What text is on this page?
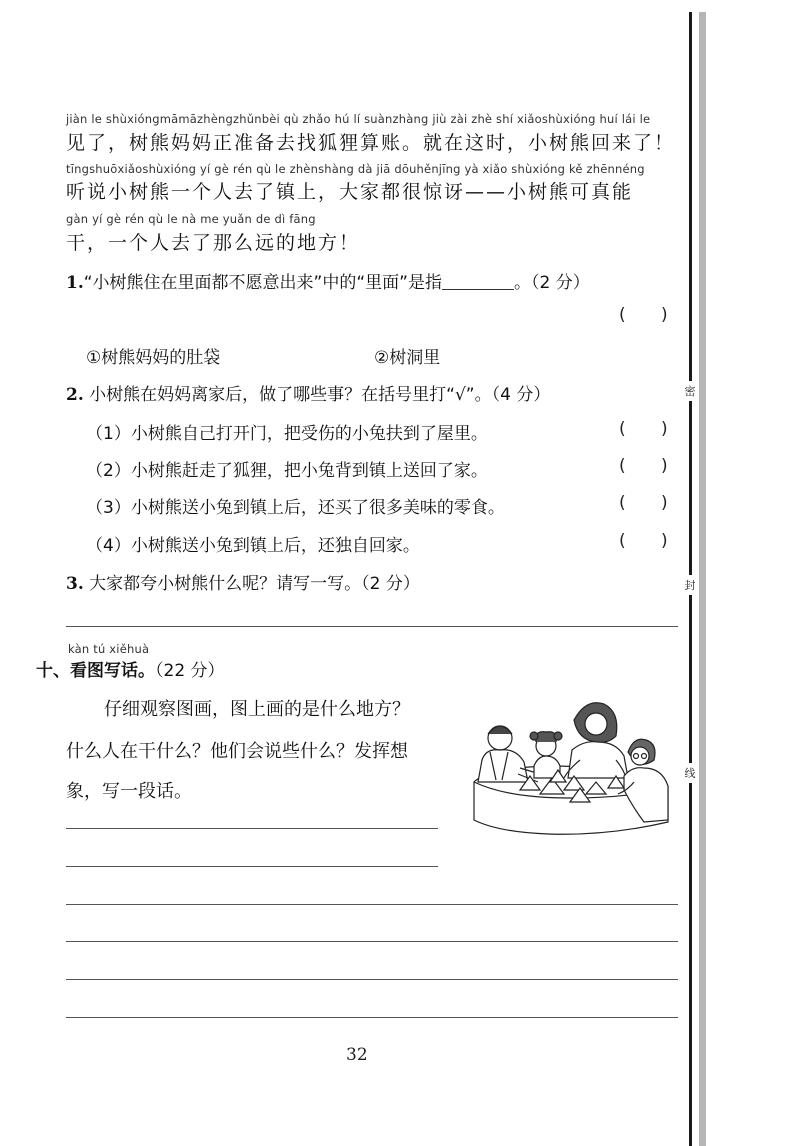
密
封
线
jiàn le shùxióngmāmāzhèngzhǔnbèi qù zhǎo hú lí suànzhàng jiù zài zhè shí xiǎoshùxióng huí lái le
见了，树熊妈妈正准备去找狐狸算账。就在这时，小树熊回来了！
tīngshuōxiǎoshùxióng yí gè rén qù le zhènshàng dà jiā dōuhěnjīng yà xiǎo shùxióng kě zhēnnéng
听说小树熊一个人去了镇上，大家都很惊讶——小树熊可真能
gàn yí gè rén qù le nà me yuǎn de dì fāng
干，一个人去了那么远的地方！
1.“小树熊住在里面都不愿意出来”中的“里面”是指	。（2 分）
( )
①树熊妈妈的肚袋	②树洞里
2. 小树熊在妈妈离家后，做了哪些事？在括号里打“√”。（4 分）
（1）小树熊自己打开门，把受伤的小兔扶到了屋里。	( )
（2）小树熊赶走了狐狸，把小兔背到镇上送回了家。	( )
（3）小树熊送小兔到镇上后，还买了很多美味的零食。	( )
（4）小树熊送小兔到镇上后，还独自回家。	( )
3. 大家都夸小树熊什么呢？请写一写。（2 分）
kàn tú xiěhuà
十、看图写话。（22 分）
仔细观察图画，图上画的是什么地方？
什么人在干什么？他们会说些什么？发挥想
象，写一段话。
32
